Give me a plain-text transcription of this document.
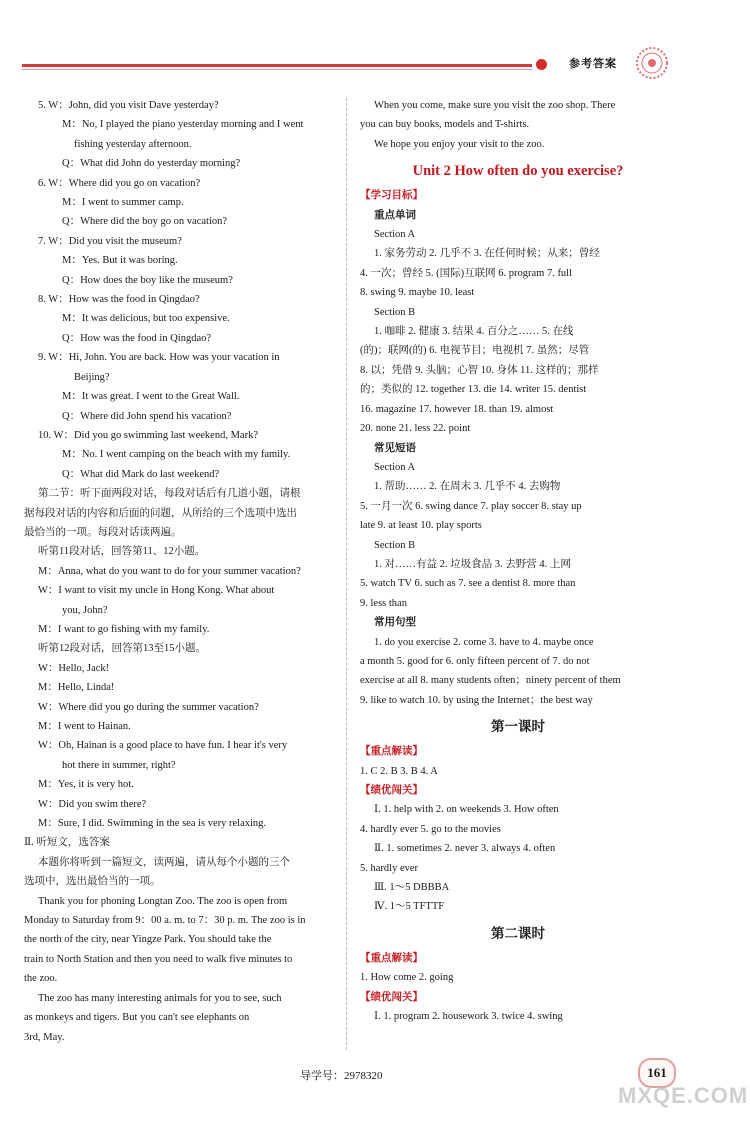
参考答案
5. W：John, did you visit Dave yesterday?
M：No, I played the piano yesterday morning and I went
fishing yesterday afternoon.
Q：What did John do yesterday morning?
6. W：Where did you go on vacation?
M：I went to summer camp.
Q：Where did the boy go on vacation?
7. W：Did you visit the museum?
M：Yes. But it was boring.
Q：How does the boy like the museum?
8. W：How was the food in Qingdao?
M：It was delicious, but too expensive.
Q：How was the food in Qingdao?
9. W：Hi, John. You are back. How was your vacation in
Beijing?
M：It was great. I went to the Great Wall.
Q：Where did John spend his vacation?
10. W：Did you go swimming last weekend, Mark?
M：No. I went camping on the beach with my family.
Q：What did Mark do last weekend?
第二节：听下面两段对话，每段对话后有几道小题，请根
据每段对话的内容和后面的问题，从所给的三个选项中选出
最恰当的一项。每段对话读两遍。
听第11段对话，回答第11、12小题。
M：Anna, what do you want to do for your summer vacation?
W：I want to visit my uncle in Hong Kong. What about
you, John?
M：I want to go fishing with my family.
听第12段对话，回答第13至15小题。
W：Hello, Jack!
M：Hello, Linda!
W：Where did you go during the summer vacation?
M：I went to Hainan.
W：Oh, Hainan is a good place to have fun. I hear it's very
hot there in summer, right?
M：Yes, it is very hot.
W：Did you swim there?
M：Sure, I did. Swimming in the sea is very relaxing.
Ⅱ. 听短文，选答案
本题你将听到一篇短文，读两遍，请从每个小题的三个
选项中，选出最恰当的一项。
Thank you for phoning Longtan Zoo. The zoo is open from
Monday to Saturday from 9：00 a. m. to 7：30 p. m. The zoo is in
the north of the city, near Yingze Park. You should take the
train to North Station and then you need to walk five minutes to
the zoo.
The zoo has many interesting animals for you to see, such
as monkeys and tigers. But you can't see elephants on
3rd, May.
When you come, make sure you visit the zoo shop. There
you can buy books, models and T-shirts.
We hope you enjoy your visit to the zoo.
Unit 2 How often do you exercise?
【学习目标】
重点单词
Section A
1. 家务劳动 2. 几乎不 3. 在任何时候；从来；曾经
4. 一次；曾经 5. (国际)互联网 6. program 7. full
8. swing 9. maybe 10. least
Section B
1. 咖啡 2. 健康 3. 结果 4. 百分之…… 5. 在线
(的)；联网(的) 6. 电视节目；电视机 7. 虽然；尽管
8. 以；凭借 9. 头脑；心智 10. 身体 11. 这样的；那样
的；类似的 12. together 13. die 14. writer 15. dentist
16. magazine 17. however 18. than 19. almost
20. none 21. less 22. point
常见短语
Section A
1. 帮助…… 2. 在周末 3. 几乎不 4. 去购物
5. 一月一次 6. swing dance 7. play soccer 8. stay up
late 9. at least 10. play sports
Section B
1. 对……有益 2. 垃圾食品 3. 去野营 4. 上网
5. watch TV 6. such as 7. see a dentist 8. more than
9. less than
常用句型
1. do you exercise 2. come 3. have to 4. maybe once
a month 5. good for 6. only fifteen percent of 7. do not
exercise at all 8. many students often；ninety percent of them
9. like to watch 10. by using the Internet；the best way
第一课时
【重点解读】
1. C 2. B 3. B 4. A
【绩优闯关】
Ⅰ. 1. help with 2. on weekends 3. How often
4. hardly ever 5. go to the movies
Ⅱ. 1. sometimes 2. never 3. always 4. often
5. hardly ever
Ⅲ. 1～5 DBBBA
Ⅳ. 1～5 TFTTF
第二课时
【重点解读】
1. How come 2. going
【绩优闯关】
Ⅰ. 1. program 2. housework 3. twice 4. swing
导学号：2978320	161
MXQE.COM
